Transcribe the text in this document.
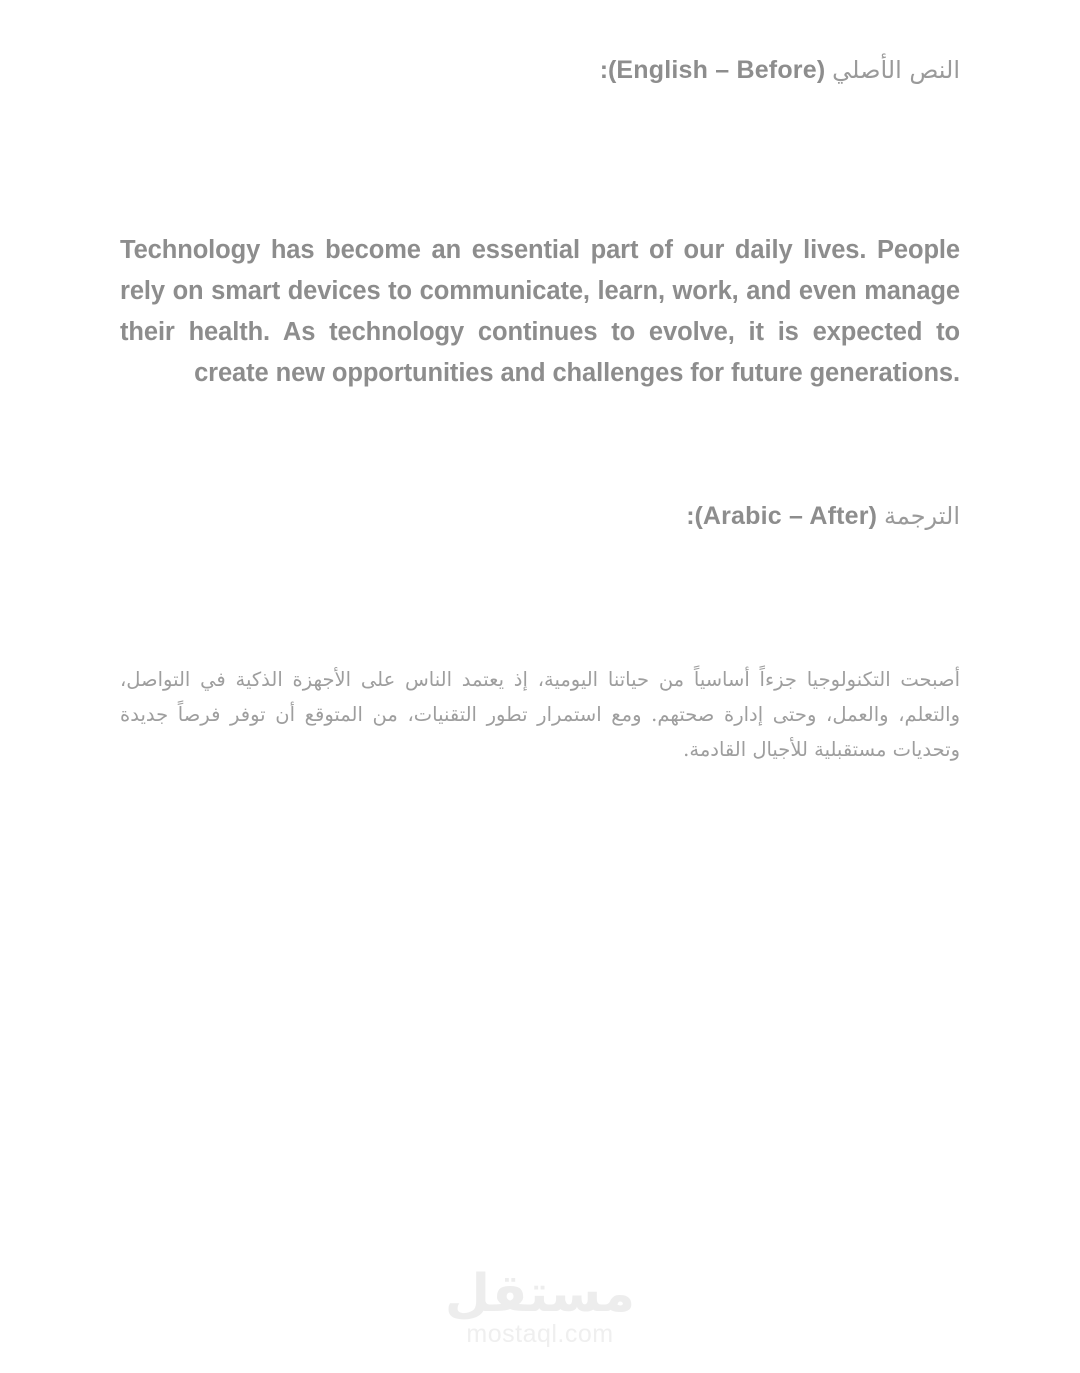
النص الأصلي (English – Before):

Technology has become an essential part of our daily lives. People rely on smart devices to communicate, learn, work, and even manage their health. As technology continues to evolve, it is expected to create new opportunities and challenges for future generations.

الترجمة (Arabic – After):

أصبحت التكنولوجيا جزءاً أساسياً من حياتنا اليومية، إذ يعتمد الناس على الأجهزة الذكية في التواصل، والتعلم، والعمل، وحتى إدارة صحتهم. ومع استمرار تطور التقنيات، من المتوقع أن توفر فرصاً جديدة وتحديات مستقبلية للأجيال القادمة.

مستقل
mostaql.com
